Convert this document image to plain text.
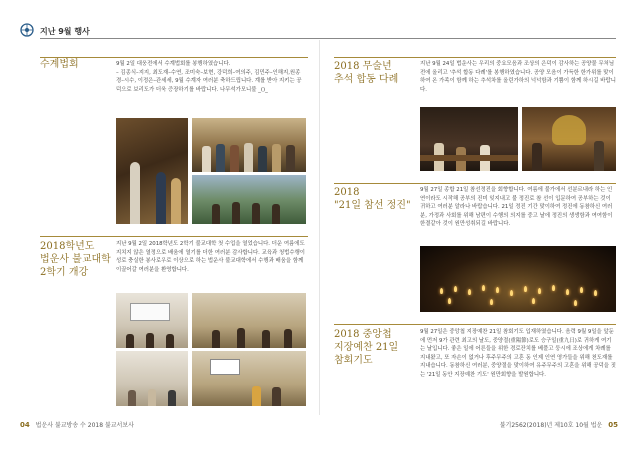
지난 9월 행사
수계법회	9월 2일 대웅전에서 수계법회를 봉행하였습니다.
– 김종식–지지, 최도재–수연, 조미숙–보현, 강덕희–여의주, 김민주–인해지,원종경–시수, 이정은–관세세, 9월 수계자 여러분 축하드립니다. 계를 받아 지키는 공덕으로 보리도가 더욱 증장하기를 바랍니다. 나무석가모니불 _()_
2018학년도
법운사 불교대학
2학기 개강
지난 9월 2일 2018학년도 2학기 불교대학 첫 수업을 열었습니다. 더운 여름에도 지치지 않은 열정으로 배움에 열기를 더한 여러분 감사합니다. 교육과 청법수행이 성로 충실한 봉사로우로 이상으로 하는 법운사 불교대학에서 수행과 배움을 함께 이끌어갈 여러분을 환영합니다.
2018 무술년
추석 합동 다례
지난 9월 24일 법운사는 우리의 중요모음과 조상의 은덕이 감사하는 공양물 무처님전에 올리고 '추석 합동 다례'를 봉행하였습니다. 공양 모음이 가득한 한가위를 맞이하여 온 가족이 함께 하는 추석차를 올린가하의 넉넉함과 기쁨이 함께 하시길 바랍니다.
2018
"21일 참선 정진"
9월 27일 종합 21일 참선정진을 회향합니다. 여름에 불가에서 선분르내라 하는 인연이라도 시작해 공부의 진미 잊지내고 불 정진로 참 선이 입문하여 공부하는 것이 귀하고 여러분 알라나 바랍습니다. 21일 정진 기간 맞이하여 정진에 동참하신 여러분, 가정과 사회를 위해 남편이 수행의 의지를 중고 날에 정진의 생생함과 여여함이 한결같아 것이 원만성취되길 바랍니다.
2018 중앙첩
지장예찬 21일
참회기도
9월 27일은 중앙첩 지장예찬 21일 참회기도 입재하였습니다. 음력 9월 9일을 앞둔에 먼저 9가 관련 최고의 날도, 중양절(重陽節)로도 승구일(重九日)로 귀하게 여기는 날입니다. 좋은 일에 어른들을 위한 경로잔치를 베풀고 둥시에 조상에게 차례를 지내왔고, 또 자손이 없거나 후주무주의 고혼 동 인제 인연 영가들을 위해 천도재를 지내습니다. 동참하신 여러분, 중양절을 맞이하여 유주무주의 고혼을 위해 공덕을 짓는 '21일 동안 지장예찬 기도' 원만회향을 발원합니다.
04 법운사 불교방송 수 2018 불교서보사	불기2562(2018)년 제10호 10월 법운 05
